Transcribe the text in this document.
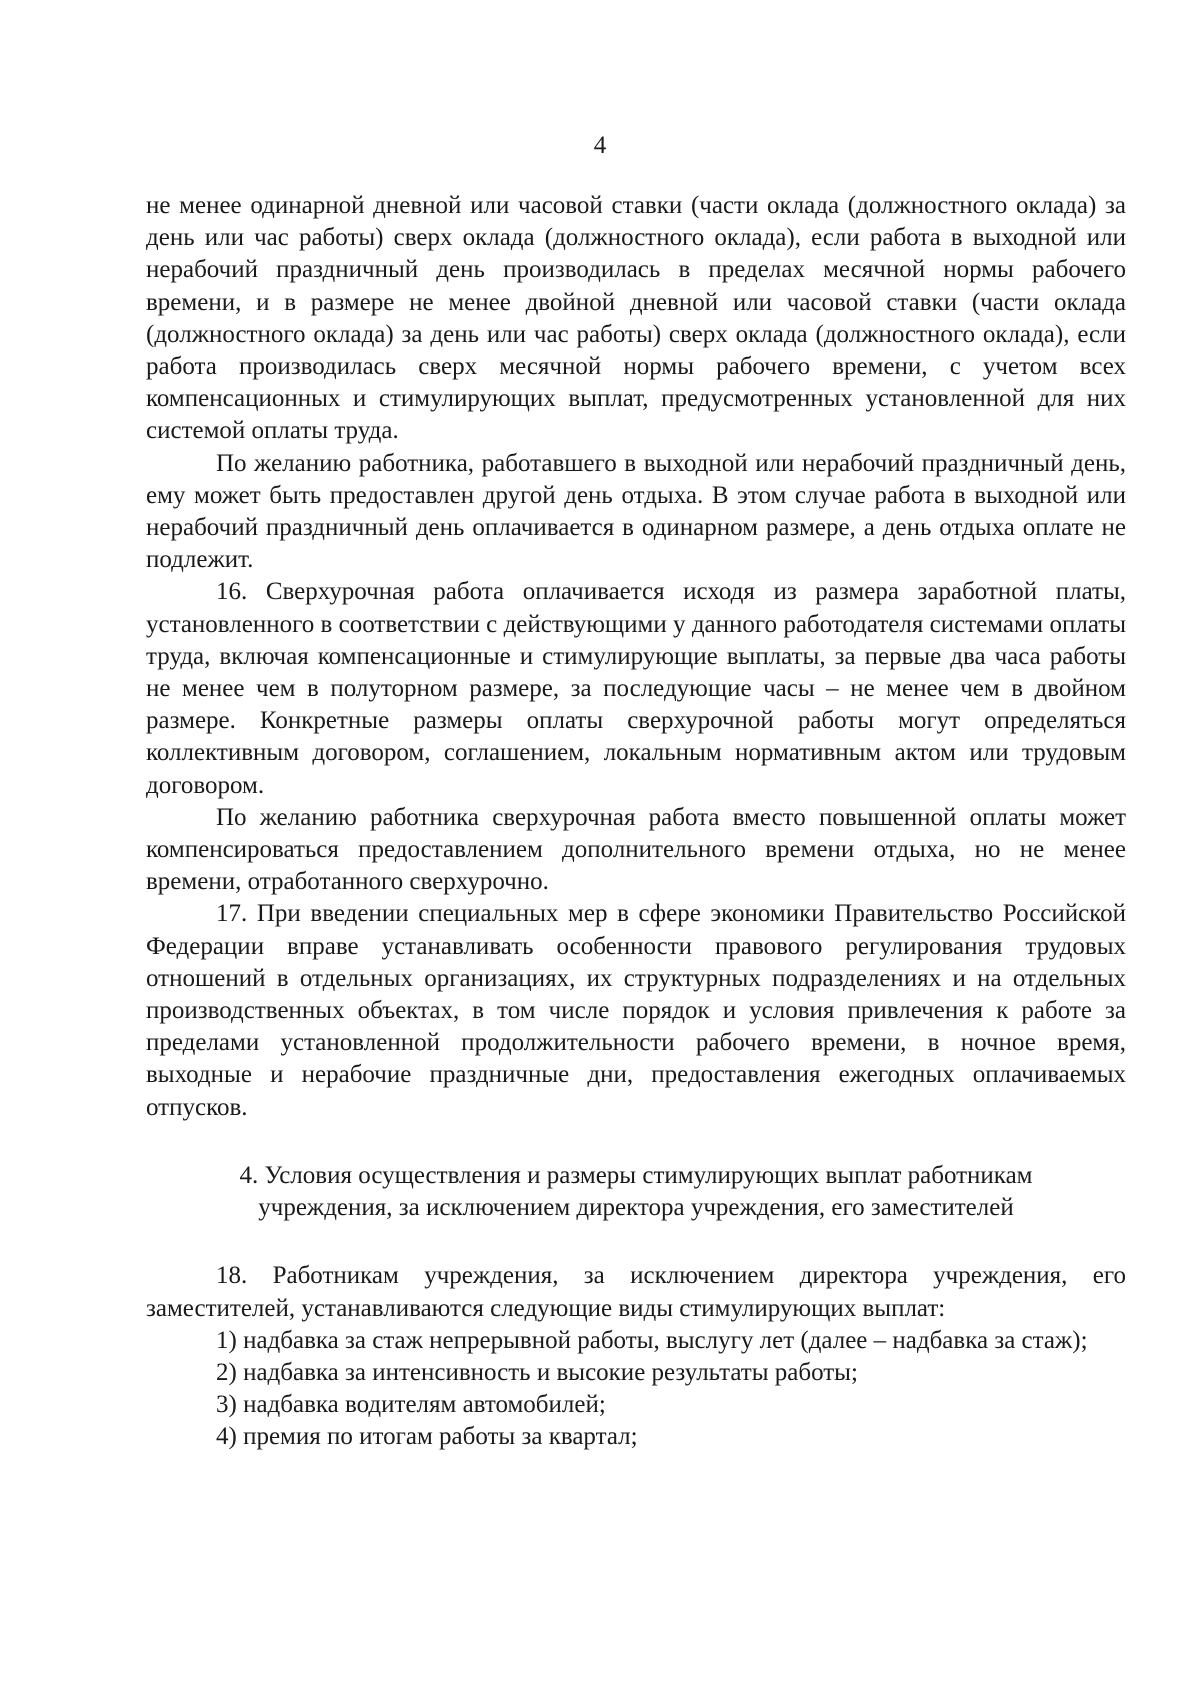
4

не менее одинарной дневной или часовой ставки (части оклада (должностного оклада) за день или час работы) сверх оклада (должностного оклада), если работа в выходной или нерабочий праздничный день производилась в пределах месячной нормы рабочего времени, и в размере не менее двойной дневной или часовой ставки (части оклада (должностного оклада) за день или час работы) сверх оклада (должностного оклада), если работа производилась сверх месячной нормы рабочего времени, с учетом всех компенсационных и стимулирующих выплат, предусмотренных установленной для них системой оплаты труда.

По желанию работника, работавшего в выходной или нерабочий праздничный день, ему может быть предоставлен другой день отдыха. В этом случае работа в выходной или нерабочий праздничный день оплачивается в одинарном размере, а день отдыха оплате не подлежит.

16. Сверхурочная работа оплачивается исходя из размера заработной платы, установленного в соответствии с действующими у данного работодателя системами оплаты труда, включая компенсационные и стимулирующие выплаты, за первые два часа работы не менее чем в полуторном размере, за последующие часы – не менее чем в двойном размере. Конкретные размеры оплаты сверхурочной работы могут определяться коллективным договором, соглашением, локальным нормативным актом или трудовым договором.

По желанию работника сверхурочная работа вместо повышенной оплаты может компенсироваться предоставлением дополнительного времени отдыха, но не менее времени, отработанного сверхурочно.

17. При введении специальных мер в сфере экономики Правительство Российской Федерации вправе устанавливать особенности правового регулирования трудовых отношений в отдельных организациях, их структурных подразделениях и на отдельных производственных объектах, в том числе порядок и условия привлечения к работе за пределами установленной продолжительности рабочего времени, в ночное время, выходные и нерабочие праздничные дни, предоставления ежегодных оплачиваемых отпусков.

4. Условия осуществления и размеры стимулирующих выплат работникам учреждения, за исключением директора учреждения, его заместителей

18. Работникам учреждения, за исключением директора учреждения, его заместителей, устанавливаются следующие виды стимулирующих выплат:

1) надбавка за стаж непрерывной работы, выслугу лет (далее – надбавка за стаж);

2) надбавка за интенсивность и высокие результаты работы;

3) надбавка водителям автомобилей;

4) премия по итогам работы за квартал;
